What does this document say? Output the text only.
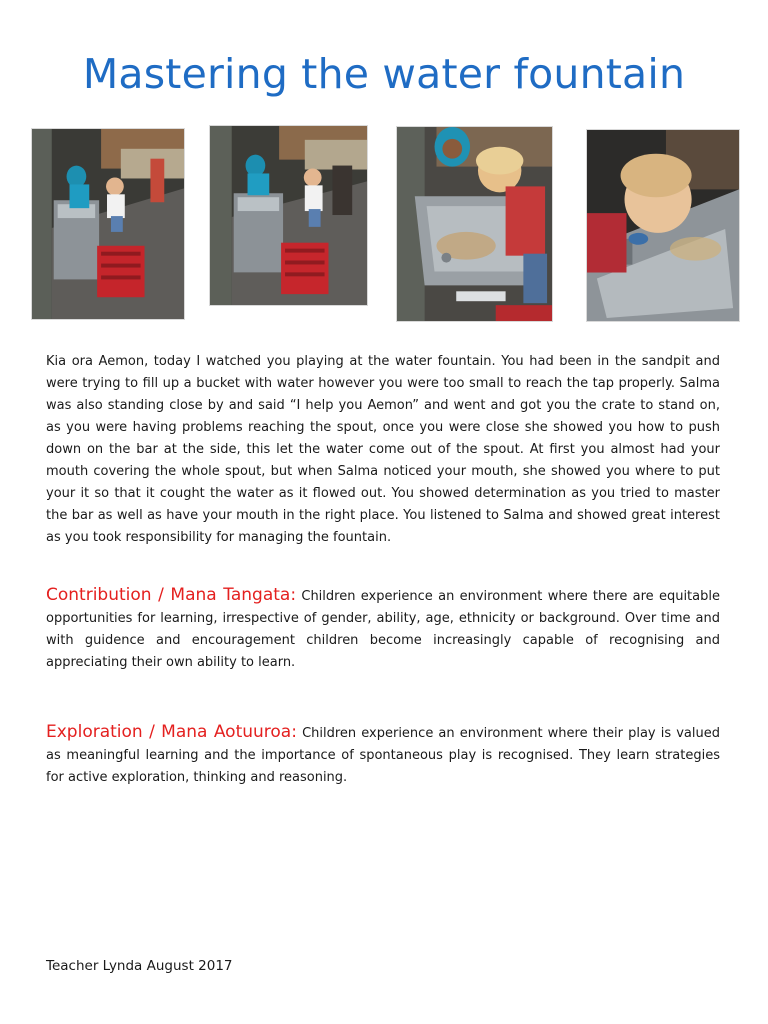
Mastering the water fountain

Kia ora Aemon, today I watched you playing at the water fountain. You had been in the sandpit and were trying to fill up a bucket with water however you were too small to reach the tap properly. Salma was also standing close by and said “I help you Aemon” and went and got you the crate to stand on, as you were having problems reaching the spout, once you were close she showed you how to push down on the bar at the side, this let the water come out of the spout. At first you almost had your mouth covering the whole spout, but when Salma noticed your mouth, she showed you where to put your it so that it cought the water as it flowed out. You showed determination as you tried to master the bar as well as have your mouth in the right place. You listened to Salma and showed great interest as you took responsibility for managing the fountain.

Contribution / Mana Tangata: Children experience an environment where there are equitable opportunities for learning, irrespective of gender, ability, age, ethnicity or background. Over time and with guidence and encouragement children become increasingly capable of recognising and appreciating their own ability to learn.

Exploration / Mana Aotuuroa: Children experience an environment where their play is valued as meaningful learning and the importance of spontaneous play is recognised. They learn strategies for active exploration, thinking and reasoning.

Teacher Lynda August 2017
